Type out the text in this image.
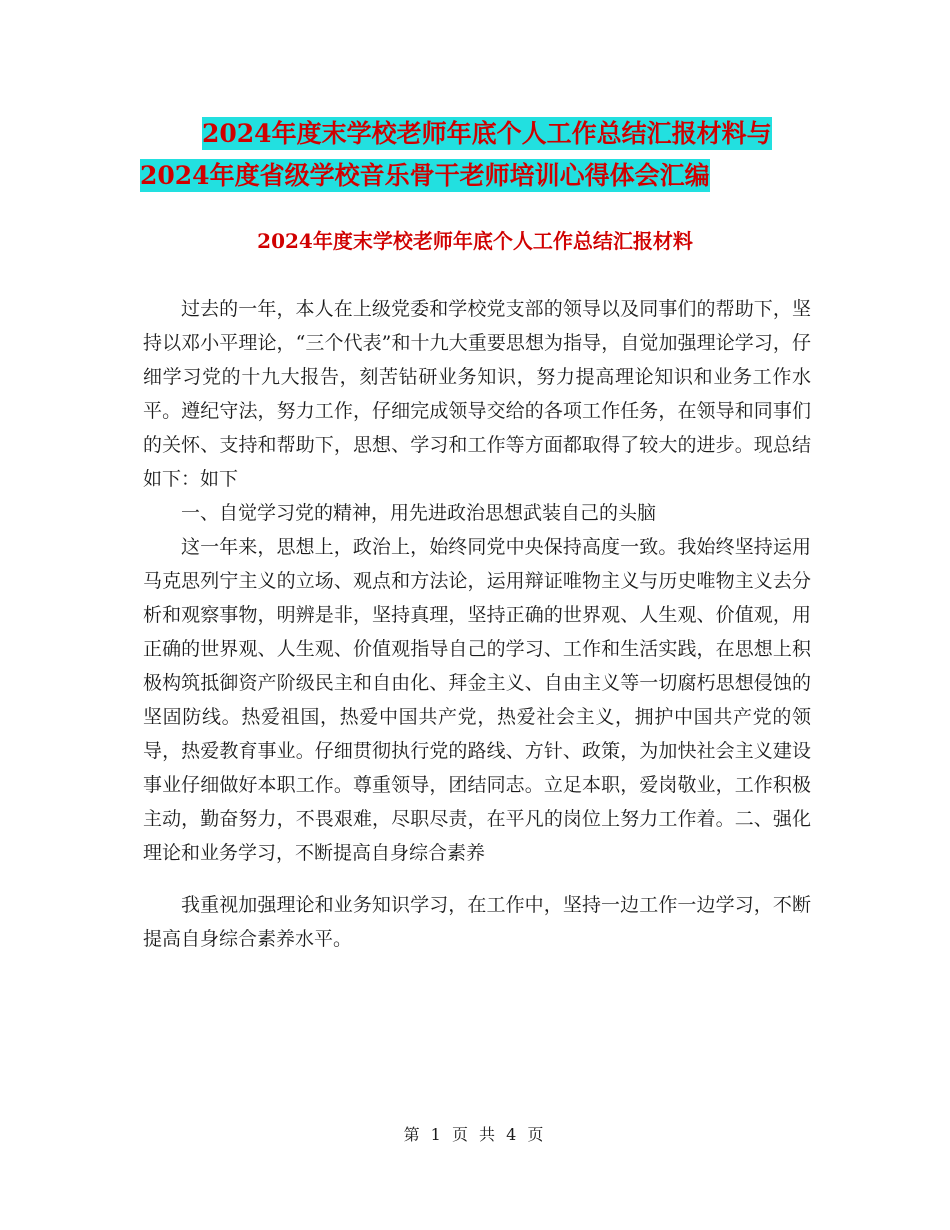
2024年度末学校老师年底个人工作总结汇报材料与
2024年度省级学校音乐骨干老师培训心得体会汇编
2024年度末学校老师年底个人工作总结汇报材料

过去的一年，本人在上级党委和学校党支部的领导以及同事们的帮助下，坚持以邓小平理论，“三个代表”和十九大重要思想为指导，自觉加强理论学习，仔细学习党的十九大报告，刻苦钻研业务知识，努力提高理论知识和业务工作水平。遵纪守法，努力工作，仔细完成领导交给的各项工作任务，在领导和同事们的关怀、支持和帮助下，思想、学习和工作等方面都取得了较大的进步。现总结如下：如下

一、自觉学习党的精神，用先进政治思想武装自己的头脑

这一年来，思想上，政治上，始终同党中央保持高度一致。我始终坚持运用马克思列宁主义的立场、观点和方法论，运用辩证唯物主义与历史唯物主义去分析和观察事物，明辨是非，坚持真理，坚持正确的世界观、人生观、价值观，用正确的世界观、人生观、价值观指导自己的学习、工作和生活实践，在思想上积极构筑抵御资产阶级民主和自由化、拜金主义、自由主义等一切腐朽思想侵蚀的坚固防线。热爱祖国，热爱中国共产党，热爱社会主义，拥护中国共产党的领导，热爱教育事业。仔细贯彻执行党的路线、方针、政策，为加快社会主义建设事业仔细做好本职工作。尊重领导，团结同志。立足本职，爱岗敬业，工作积极主动，勤奋努力，不畏艰难，尽职尽责，在平凡的岗位上努力工作着。二、强化理论和业务学习，不断提高自身综合素养

我重视加强理论和业务知识学习，在工作中，坚持一边工作一边学习，不断提高自身综合素养水平。

第 1 页 共 4 页
